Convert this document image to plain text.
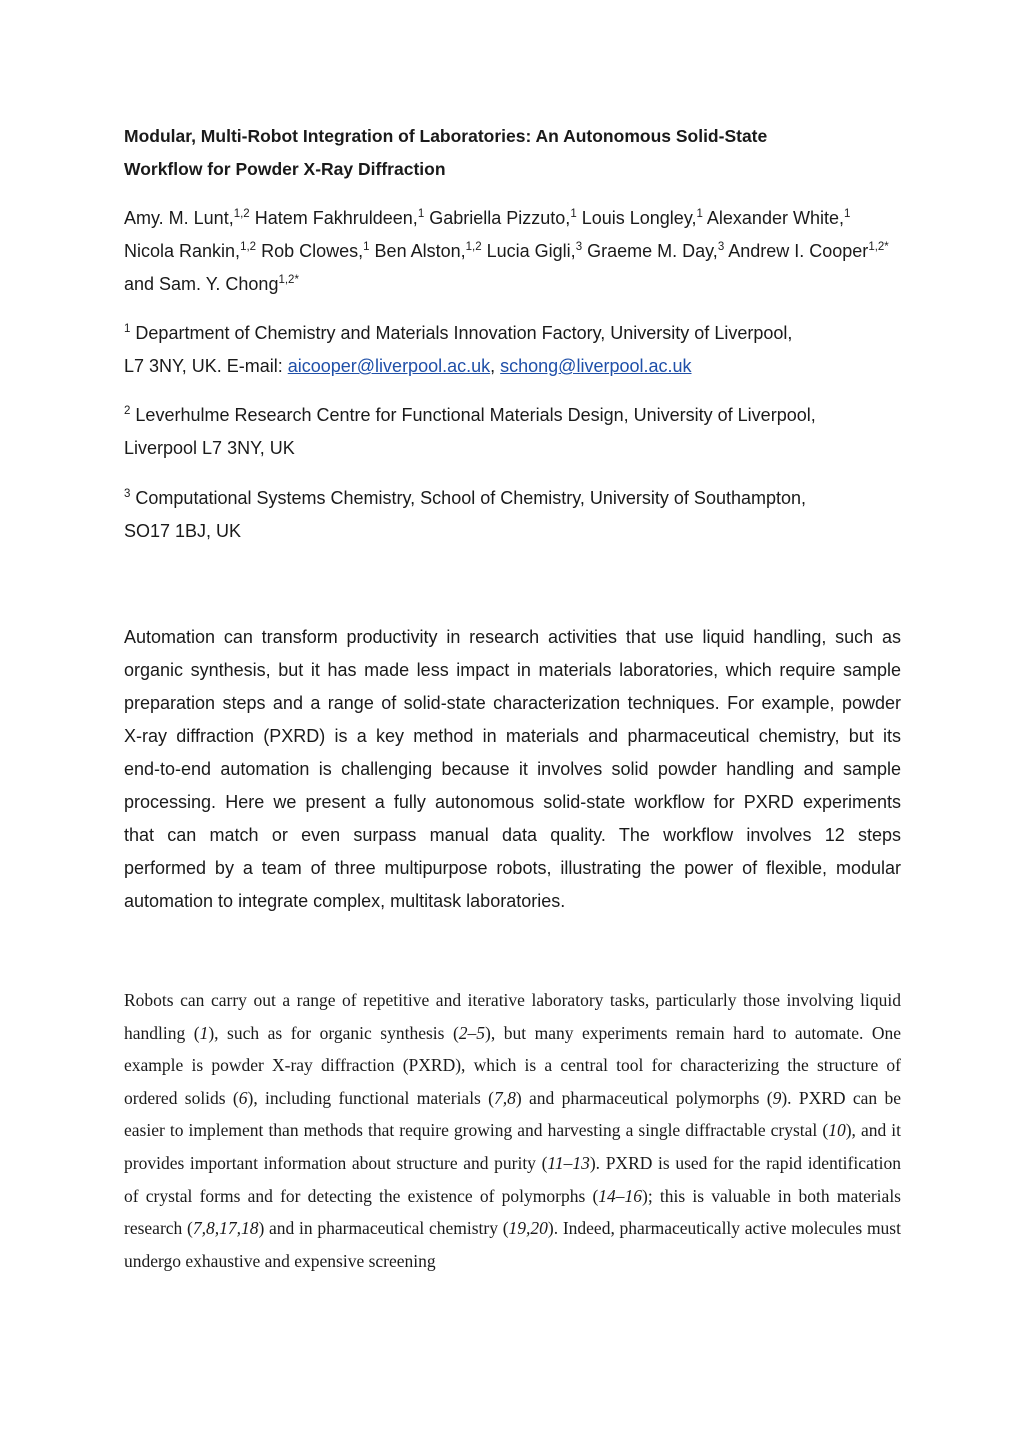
Modular, Multi-Robot Integration of Laboratories: An Autonomous Solid-State
Workflow for Powder X-Ray Diffraction

Amy. M. Lunt,$^{1,2}$ Hatem Fakhruldeen,$^1$ Gabriella Pizzuto,$^1$ Louis Longley,$^1$ Alexander White,$^1$
Nicola Rankin,$^{1,2}$ Rob Clowes,$^1$ Ben Alston,$^{1,2}$ Lucia Gigli,$^3$ Graeme M. Day,$^3$ Andrew I. Cooper$^{1,2*}$ and Sam. Y. Chong$^{1,2*}$

$^1$ Department of Chemistry and Materials Innovation Factory, University of Liverpool,
L7 3NY, UK. E-mail: aicooper@liverpool.ac.uk, schong@liverpool.ac.uk

$^2$ Leverhulme Research Centre for Functional Materials Design, University of Liverpool,
Liverpool L7 3NY, UK

$^3$ Computational Systems Chemistry, School of Chemistry, University of Southampton,
SO17 1BJ, UK

Automation can transform productivity in research activities that use liquid handling, such as
organic synthesis, but it has made less impact in materials laboratories, which require sample
preparation steps and a range of solid-state characterization techniques. For example, powder
X-ray diffraction (PXRD) is a key method in materials and pharmaceutical chemistry, but its
end-to-end automation is challenging because it involves solid powder handling and sample
processing. Here we present a fully autonomous solid-state workflow for PXRD experiments
that can match or even surpass manual data quality. The workflow involves 12 steps
performed by a team of three multipurpose robots, illustrating the power of flexible, modular
automation to integrate complex, multitask laboratories.

Robots can carry out a range of repetitive and iterative laboratory tasks, particularly those involving liquid handling (1), such as for organic synthesis (2–5), but many experiments remain hard to automate. One example is powder X-ray diffraction (PXRD), which is a central tool for characterizing the structure of ordered solids (6), including functional materials (7,8) and pharmaceutical polymorphs (9). PXRD can be easier to implement than methods that require growing and harvesting a single diffractable crystal (10), and it provides important information about structure and purity (11–13). PXRD is used for the rapid identification of crystal forms and for detecting the existence of polymorphs (14–16); this is valuable in both materials research (7,8,17,18) and in pharmaceutical chemistry (19,20). Indeed, pharmaceutically active molecules must undergo exhaustive and expensive screening
